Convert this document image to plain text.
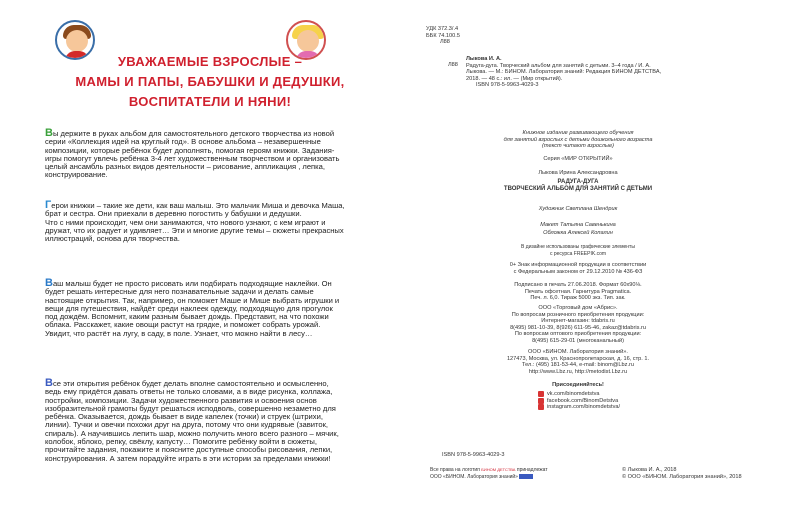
УВАЖАЕМЫЕ ВЗРОСЛЫЕ –
МАМЫ И ПАПЫ, БАБУШКИ И ДЕДУШКИ,
ВОСПИТАТЕЛИ И НЯНИ!
Вы держите в руках альбом для самостоятельного детского творчества из новой серии «Коллекция идей на круглый год». В основе альбома – незавершенные композиции, которые ребёнок будет дополнять, помогая героям книжки. Задания-игры помогут увлечь ребёнка 3-4 лет художественным творчеством и организовать целый ансамбль разных видов деятельности – рисование, аппликация , лепка, конструирование.
Герои книжки – такие же дети, как ваш малыш. Это мальчик Миша и девочка Маша, брат и сестра. Они приехали в деревню погостить у бабушки и дедушки.
Что с ними происходит, чем они занимаются, что нового узнают, с кем играют и дружат, что их радует и удивляет… Эти и многие другие темы – сюжеты прекрасных иллюстраций, основа для творчества.
Ваш малыш будет не просто рисовать или подбирать подходящие наклейки. Он будет решать интересные для него познавательные задачи и делать самые настоящие открытия. Так, например, он поможет Маше и Мише выбрать игрушки и вещи для путешествия, найдёт среди наклеек одежду, подходящую для прогулок под дождём. Вспомнит, каким разным бывает дождь. Представит, на что похожи облака. Расскажет, какие овощи растут на грядке, и поможет собрать урожай. Увидит, что растёт на лугу, в саду, в поле. Узнает, что можно найти в лесу…
Все эти открытия ребёнок будет делать вполне самостоятельно и осмысленно, ведь ему придётся давать ответы не только словами, а в виде рисунка, коллажа, постройки, композиции. Задачи художественного развития и освоения основ изобразительной грамоты будут решаться исподволь, совершенно незаметно для ребёнка. Оказывается, дождь бывает в виде капелек (точки) и струек (штрихи, линии). Тучки и овечки похожи друг на друга, потому что они кудрявые (завиток, спираль). А научившись лепить шар, можно получить много всего разного – мячик, колобок, яблоко, репку, свёклу, капусту… Помогите ребёнку войти в сюжеты, прочитайте задания, покажите и поясните доступные способы рисования, лепки, конструирования. А затем порадуйте играть в эти истории за пределами книжки!
УДК 372.3/.4
ББК 74.100.5
Л88
Л88
Лыкова И. А.
Радуга-дуга. Творческий альбом для занятий с детьми. 3–4 года / И. А. Лыкова. — М.: БИНОМ. Лаборатория знаний: Редакция БИНОМ ДЕТСТВА, 2018. — 48 с.: ил. — (Мир открытий).
ISBN 978-5-9963-4029-3
Книжное издание развивающего обучения
для занятий взрослых с детьми дошкольного возраста
(текст читают взрослые)
Серия «МИР ОТКРЫТИЙ»
Лыкова Ирина Александровна
РАДУГА-ДУГА
ТВОРЧЕСКИЙ АЛЬБОМ ДЛЯ ЗАНЯТИЙ С ДЕТЬМИ
Художник Светлана Шендрик
Макет Татьяна Савенькина
Обложка Алексей Копалин
В дизайне использованы графические элементы
с ресурса FREEPIK.com
0+ Знак информационной продукции в соответствии
с Федеральным законом от 29.12.2010 № 436-ФЗ
Подписано в печать 27.06.2018. Формат 60x90⅛.
Печать офсетная. Гарнитура Pragmatica.
Печ. л. 6,0. Тираж 5000 экз. Тип. зак.
ООО «Торговый дом «Абрис».
По вопросам розничного приобретения продукции:
Интернет-магазин: tdabris.ru
8(495) 981-10-39, 8(926) 611-95-46, zakaz@tdabris.ru
По вопросам оптового приобретения продукции:
8(495) 615-29-01 (многоканальный)
ООО «БИНОМ. Лаборатория знаний».
127473, Москва, ул. Краснопролетарская, д. 16, стр. 1.
Тел.: (495) 181-53-44, e-mail: binom@Lbz.ru
http://www.Lbz.ru, http://metodist.Lbz.ru
Присоединяйтесь!
vk.com/binomdetstva
facebook.com/BinomDetstva
instagram.com/binomdetstva/
ISBN 978-5-9963-4029-3
Все права на логотип БИНОМ ДЕТСТВА принадлежат
ООО «БИНОМ. Лаборатория знаний»
© Лыкова И. А., 2018
© ООО «БИНОМ. Лаборатория знаний», 2018
